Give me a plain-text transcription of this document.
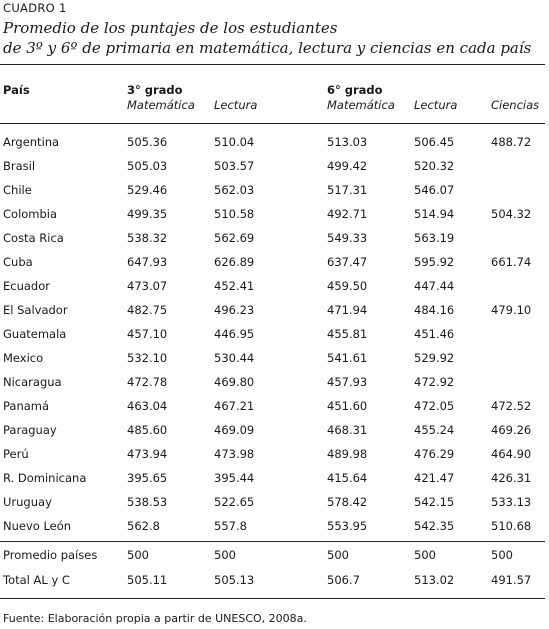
CUADRO 1
Promedio de los puntajes de los estudiantes
de 3º y 6º de primaria en matemática, lectura y ciencias en cada país
País	3° grado	6° grado
Matemática Lectura	Matemática Lectura	Ciencias
Argentina	505.36	510.04	513.03	506.45	488.72
Brasil	505.03	503.57	499.42	520.32
Chile	529.46	562.03	517.31	546.07
Colombia	499.35	510.58	492.71	514.94	504.32
Costa Rica	538.32	562.69	549.33	563.19
Cuba	647.93	626.89	637.47	595.92	661.74
Ecuador	473.07	452.41	459.50	447.44
El Salvador	482.75	496.23	471.94	484.16	479.10
Guatemala	457.10	446.95	455.81	451.46
Mexico	532.10	530.44	541.61	529.92
Nicaragua	472.78	469.80	457.93	472.92
Panamá	463.04	467.21	451.60	472.05	472.52
Paraguay	485.60	469.09	468.31	455.24	469.26
Perú	473.94	473.98	489.98	476.29	464.90
R. Dominicana	395.65	395.44	415.64	421.47	426.31
Uruguay	538.53	522.65	578.42	542.15	533.13
Nuevo León	562.8	557.8	553.95	542.35	510.68
Promedio países	500	500	500	500	500
Total AL y C	505.11	505.13	506.7	513.02	491.57
Fuente: Elaboración propia a partir de UNESCO, 2008a.
